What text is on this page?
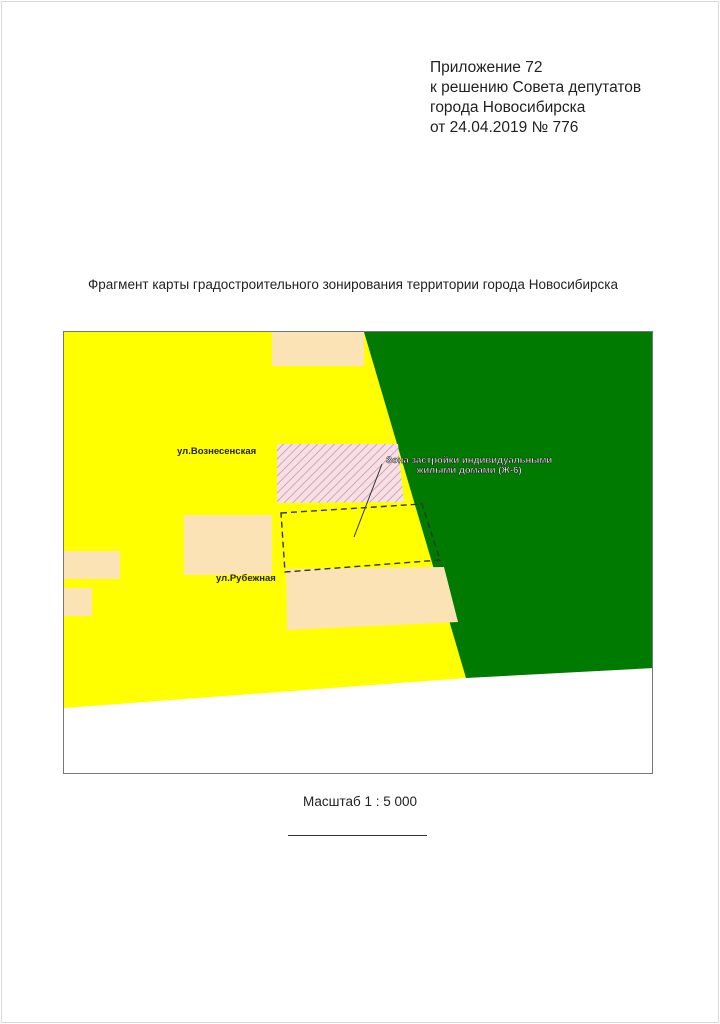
Приложение 72
к решению Совета депутатов
города Новосибирска
от 24.04.2019 № 776
Фрагмент карты градостроительного зонирования территории города Новосибирска
ул.Вознесенская
ул.Рубежная
Зона застройки индивидуальными
жилыми домами (Ж-6)
Масштаб 1 : 5 000
